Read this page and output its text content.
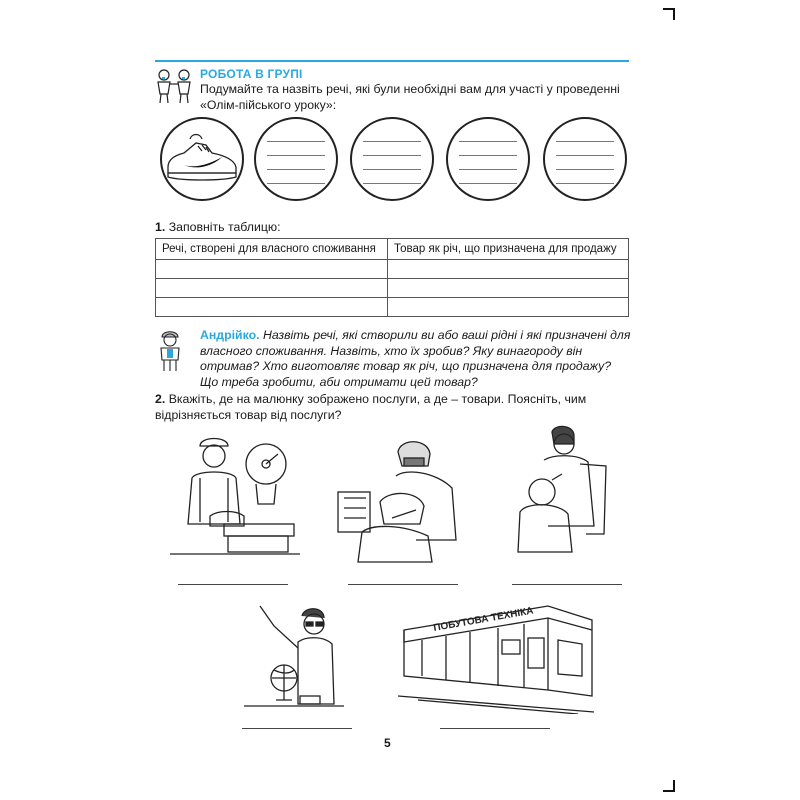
РОБОТА В ГРУПІ
Подумайте та назвіть речі, які були необхідні вам для участі у проведенні «Олім-пійського уроку»:
1. Заповніть таблицю:
Речі, створені для власного споживання	Товар як річ, що призначена для продажу

Андрійко. Назвіть речі, які створили ви або ваші рідні і які призначені для власного споживання. Назвіть, хто їх зробив? Яку винагороду він отримав? Хто виготовляє товар як річ, що призначена для продажу? Що треба зробити, аби отримати цей товар?
2. Вкажіть, де на малюнку зображено послуги, а де – товари. Поясніть, чим відрізняється товар від послуги?
ПОБУТОВА ТЕХНІКА
5
